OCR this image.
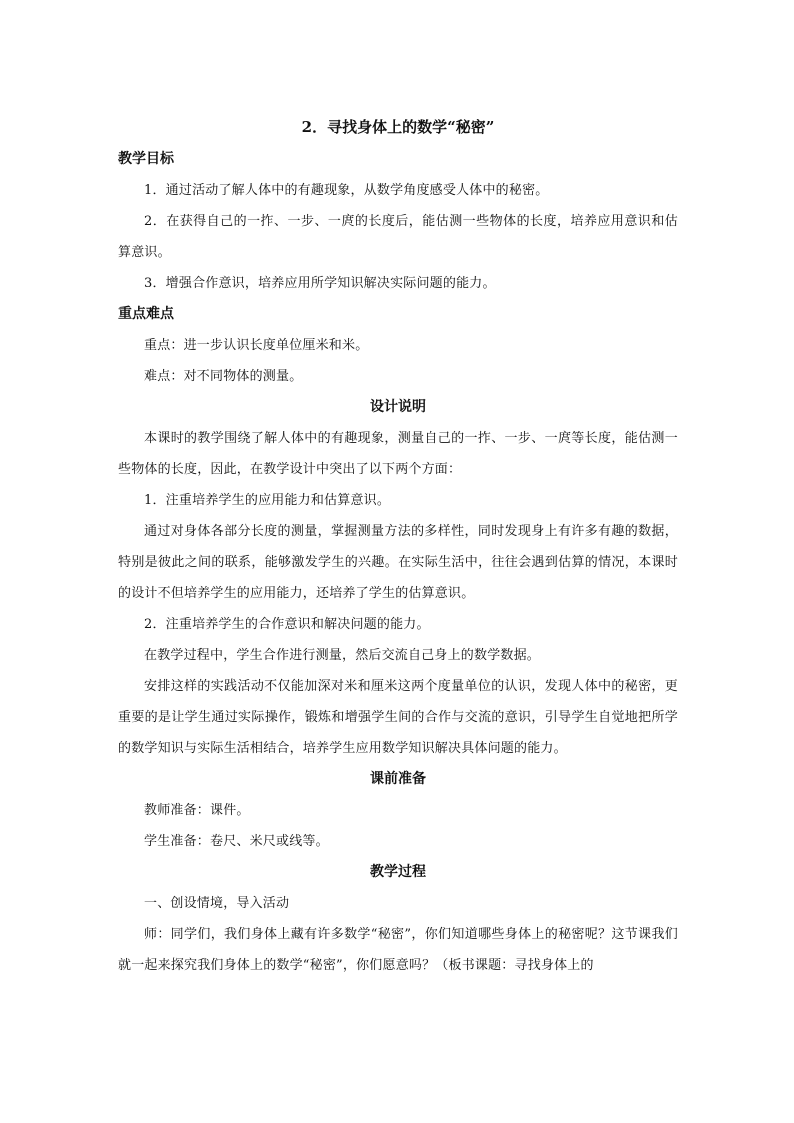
2．寻找身体上的数学“秘密”
教学目标

1．通过活动了解人体中的有趣现象，从数学角度感受人体中的秘密。

2．在获得自己的一拃、一步、一庹的长度后，能估测一些物体的长度，培养应用意识和估算意识。

3．增强合作意识，培养应用所学知识解决实际问题的能力。

重点难点

重点：进一步认识长度单位厘米和米。

难点：对不同物体的测量。

设计说明

本课时的教学围绕了解人体中的有趣现象，测量自己的一拃、一步、一庹等长度，能估测一些物体的长度，因此，在教学设计中突出了以下两个方面：

1．注重培养学生的应用能力和估算意识。

通过对身体各部分长度的测量，掌握测量方法的多样性，同时发现身上有许多有趣的数据，特别是彼此之间的联系，能够激发学生的兴趣。在实际生活中，往往会遇到估算的情况，本课时的设计不但培养学生的应用能力，还培养了学生的估算意识。

2．注重培养学生的合作意识和解决问题的能力。

在教学过程中，学生合作进行测量，然后交流自己身上的数学数据。

安排这样的实践活动不仅能加深对米和厘米这两个度量单位的认识，发现人体中的秘密，更重要的是让学生通过实际操作，锻炼和增强学生间的合作与交流的意识，引导学生自觉地把所学的数学知识与实际生活相结合，培养学生应用数学知识解决具体问题的能力。

课前准备

教师准备：课件。

学生准备：卷尺、米尺或线等。

教学过程

一、创设情境，导入活动

师：同学们，我们身体上藏有许多数学“秘密”，你们知道哪些身体上的秘密呢？这节课我们就一起来探究我们身体上的数学“秘密”，你们愿意吗？（板书课题：寻找身体上的
